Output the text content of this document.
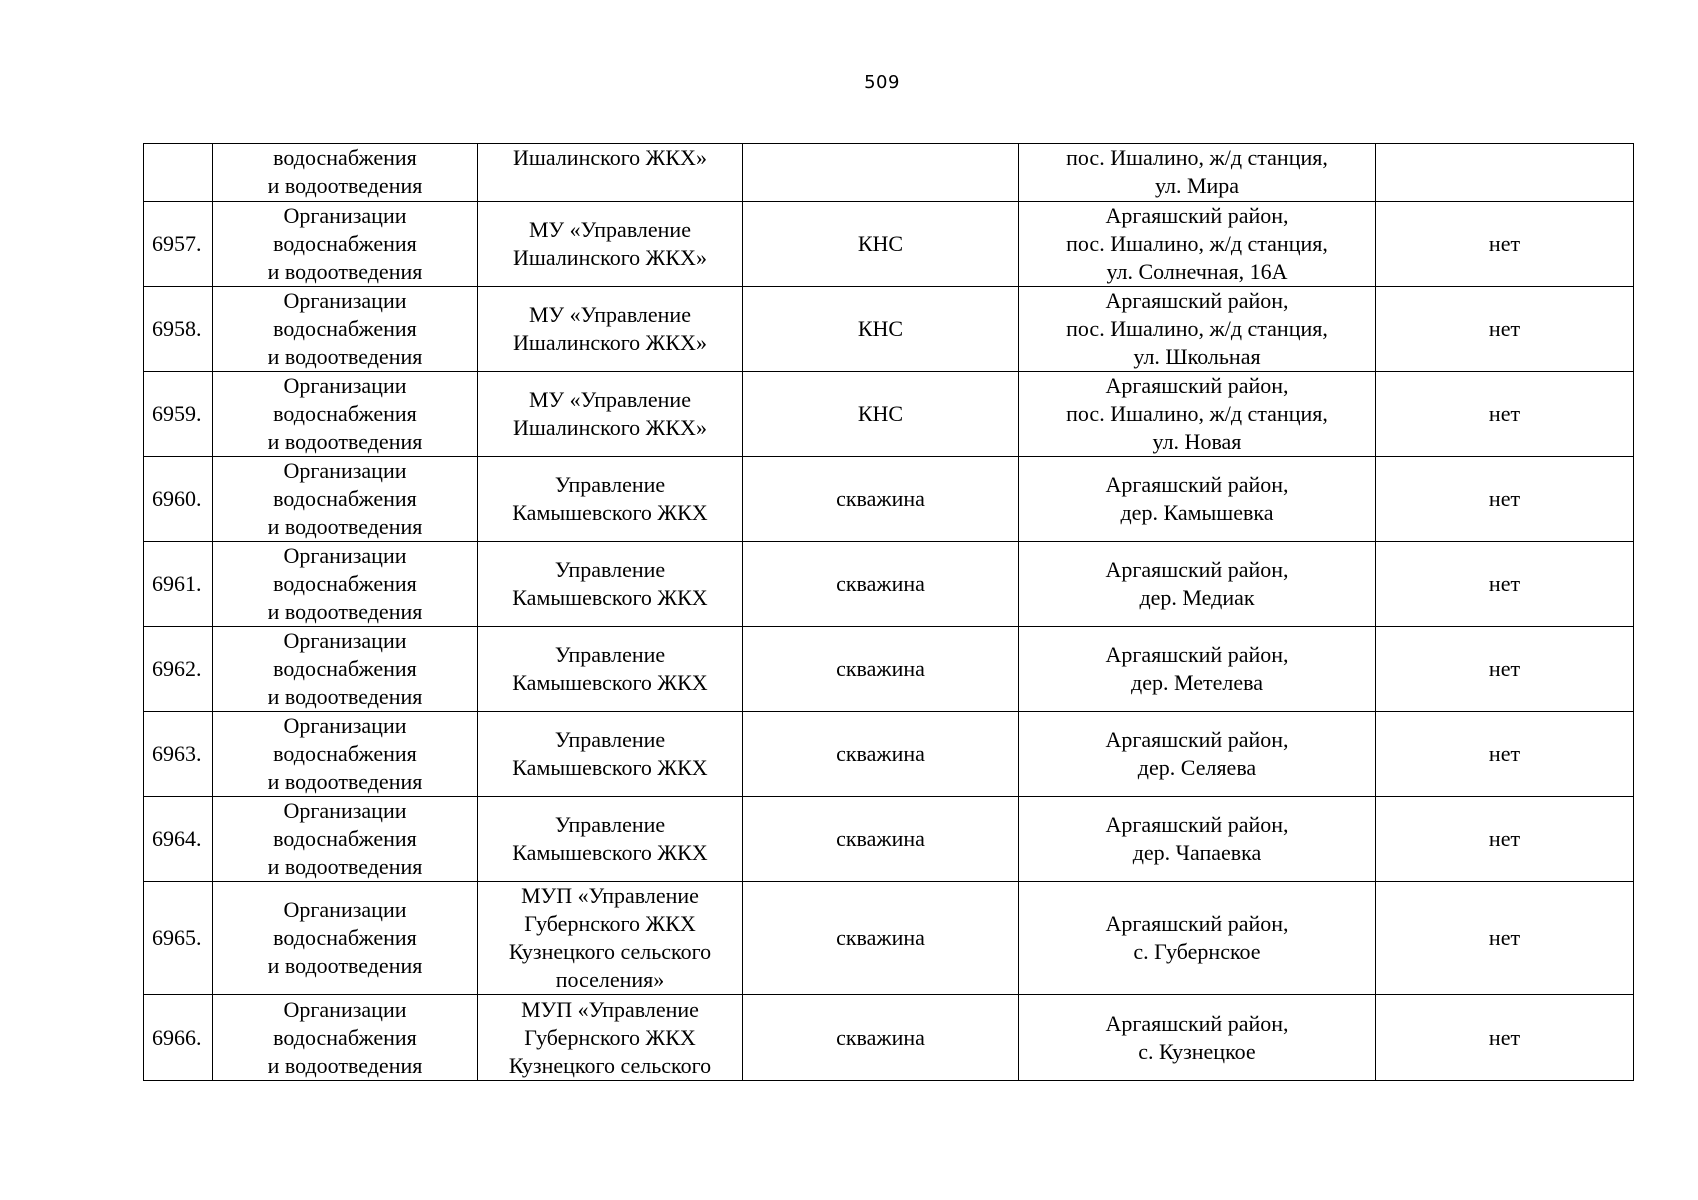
509
	водоснабжения
и водоотведения	Ишалинского ЖКХ»		пос. Ишалино, ж/д станция,
ул. Мира	
6957.	Организации
водоснабжения
и водоотведения	МУ «Управление
Ишалинского ЖКХ»	КНС	Аргаяшский район,
пос. Ишалино, ж/д станция,
ул. Солнечная, 16А	нет
6958.	Организации
водоснабжения
и водоотведения	МУ «Управление
Ишалинского ЖКХ»	КНС	Аргаяшский район,
пос. Ишалино, ж/д станция,
ул. Школьная	нет
6959.	Организации
водоснабжения
и водоотведения	МУ «Управление
Ишалинского ЖКХ»	КНС	Аргаяшский район,
пос. Ишалино, ж/д станция,
ул. Новая	нет
6960.	Организации
водоснабжения
и водоотведения	Управление
Камышевского ЖКХ	скважина	Аргаяшский район,
дер. Камышевка	нет
6961.	Организации
водоснабжения
и водоотведения	Управление
Камышевского ЖКХ	скважина	Аргаяшский район,
дер. Медиак	нет
6962.	Организации
водоснабжения
и водоотведения	Управление
Камышевского ЖКХ	скважина	Аргаяшский район,
дер. Метелева	нет
6963.	Организации
водоснабжения
и водоотведения	Управление
Камышевского ЖКХ	скважина	Аргаяшский район,
дер. Селяева	нет
6964.	Организации
водоснабжения
и водоотведения	Управление
Камышевского ЖКХ	скважина	Аргаяшский район,
дер. Чапаевка	нет
6965.	Организации
водоснабжения
и водоотведения	МУП «Управление
Губернского ЖКХ
Кузнецкого сельского
поселения»	скважина	Аргаяшский район,
с. Губернское	нет
6966.	Организации
водоснабжения
и водоотведения	МУП «Управление
Губернского ЖКХ
Кузнецкого сельского	скважина	Аргаяшский район,
с. Кузнецкое	нет
